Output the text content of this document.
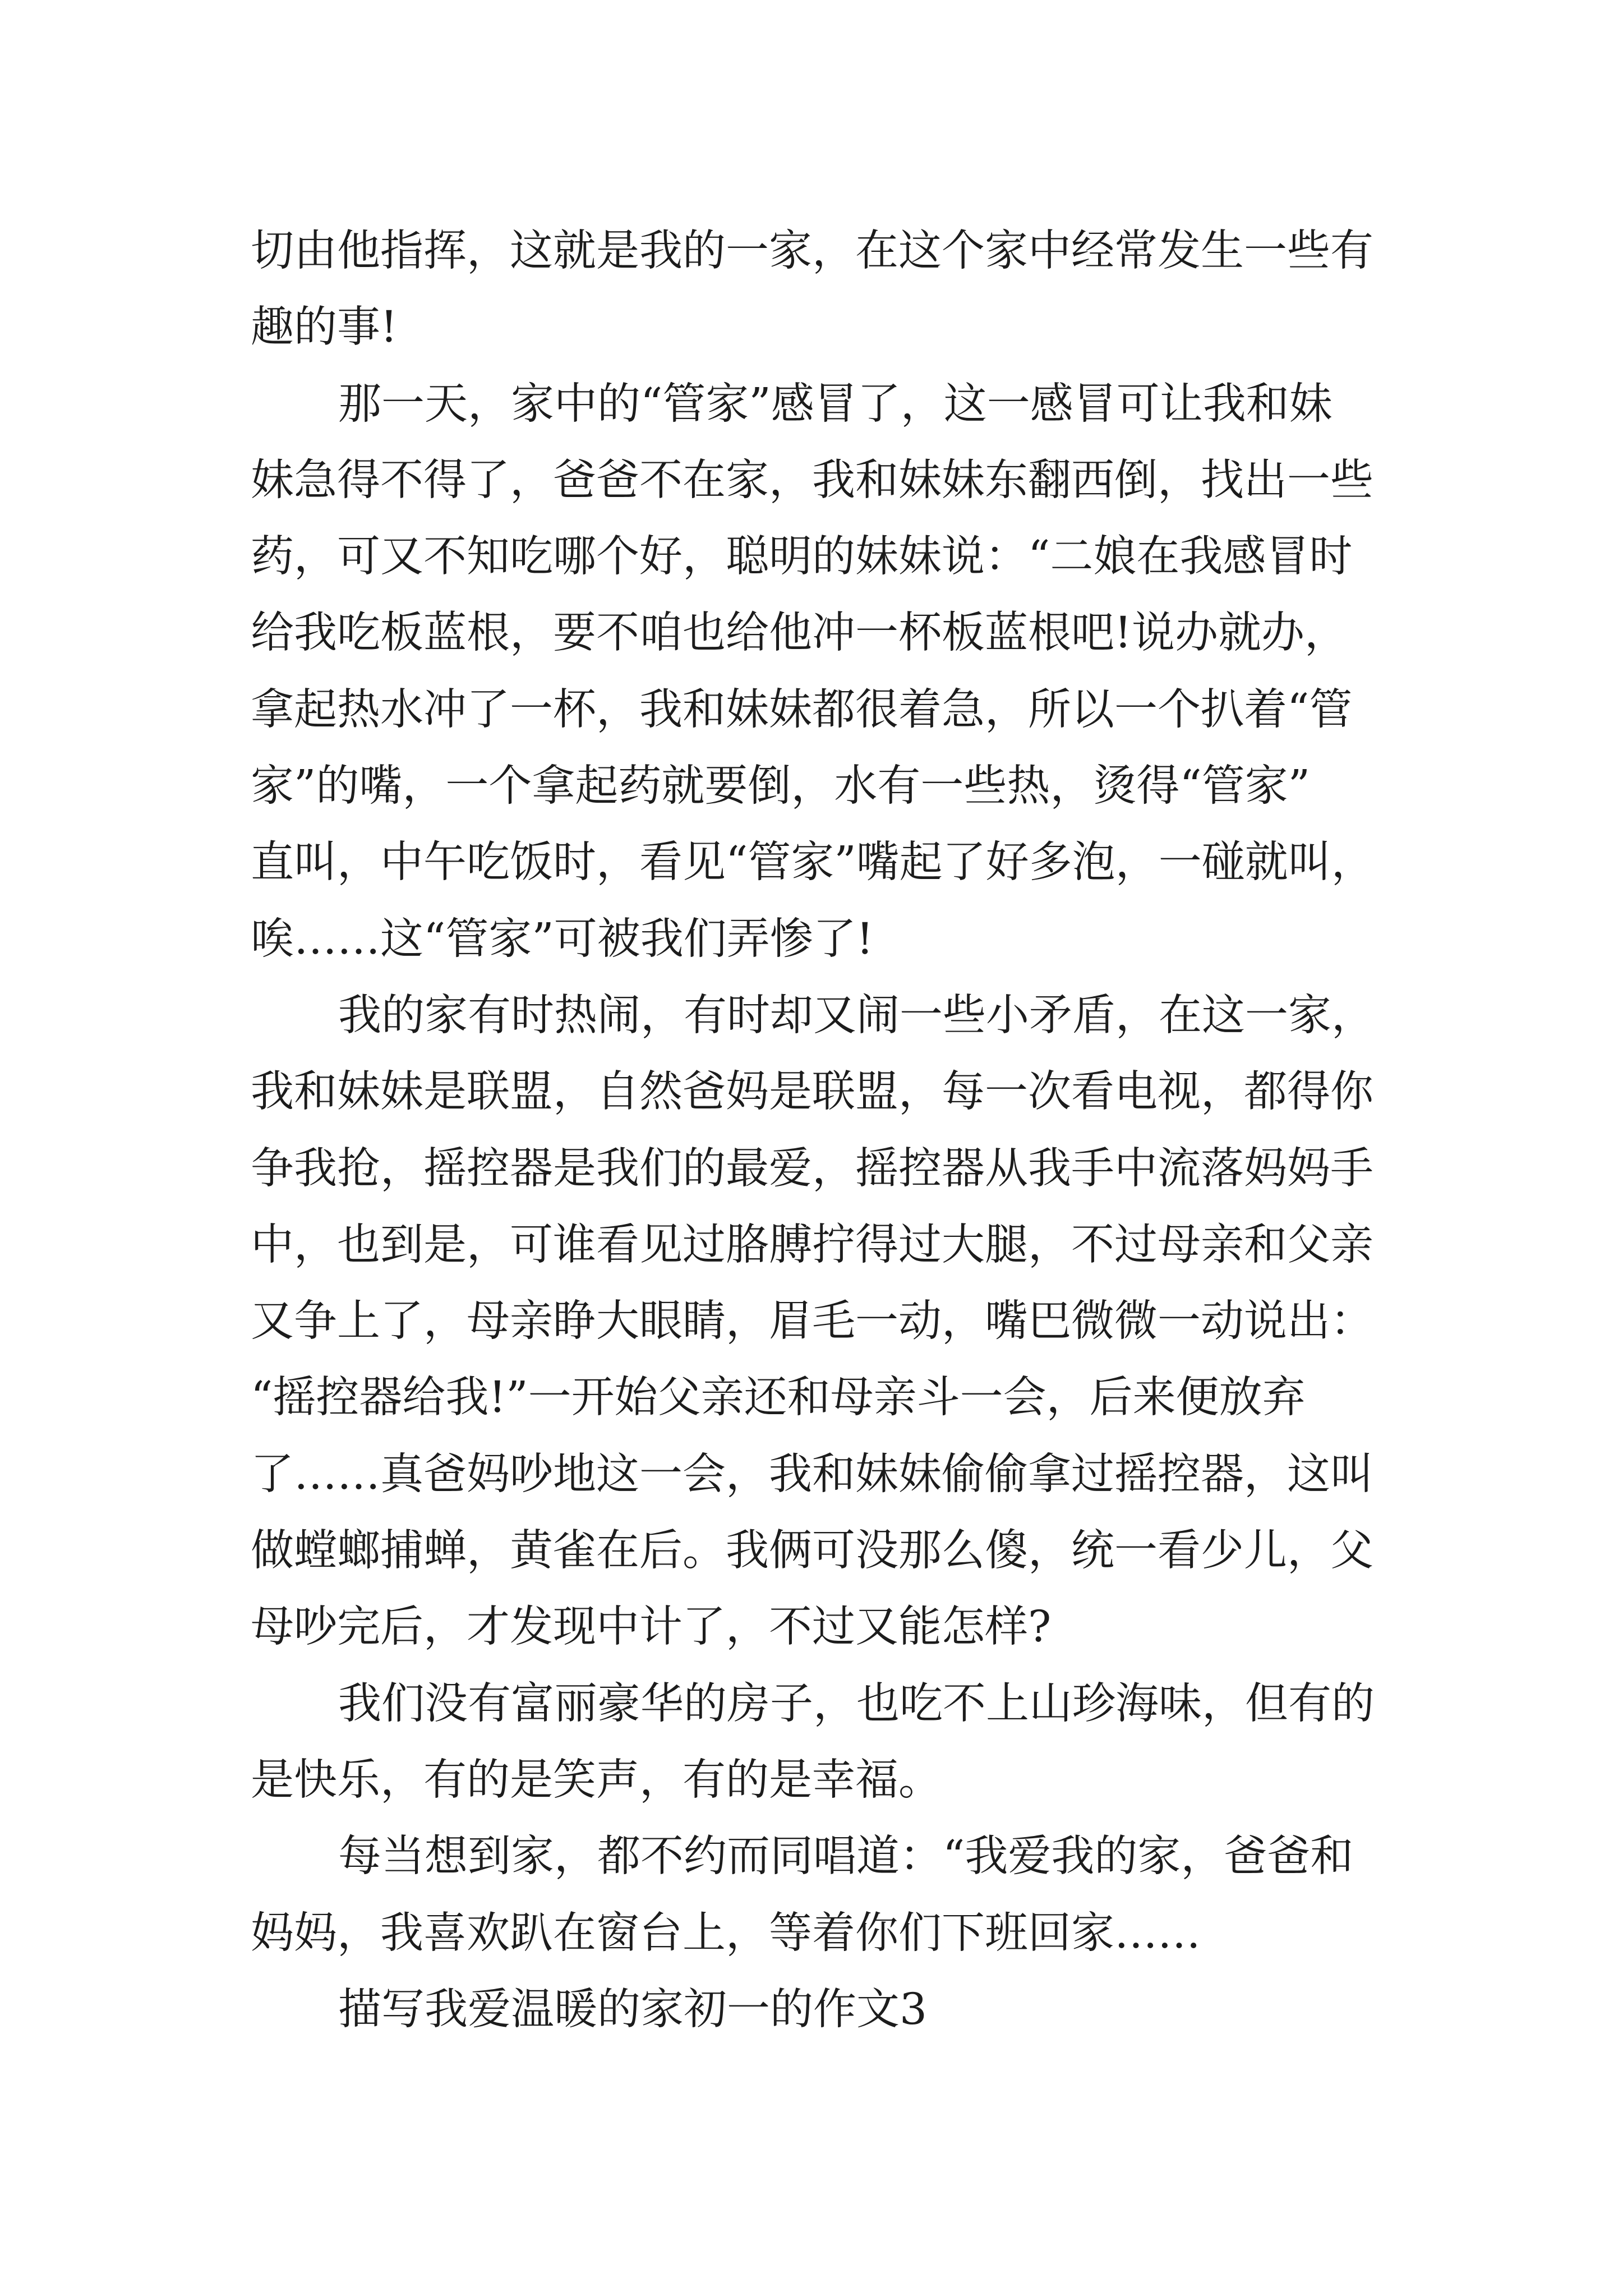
切由他指挥，这就是我的一家，在这个家中经常发生一些有
趣的事!
那一天，家中的“管家”感冒了，这一感冒可让我和妹
妹急得不得了，爸爸不在家，我和妹妹东翻西倒，找出一些
药，可又不知吃哪个好，聪明的妹妹说：“二娘在我感冒时
给我吃板蓝根，要不咱也给他冲一杯板蓝根吧!说办就办，
拿起热水冲了一杯，我和妹妹都很着急，所以一个扒着“管
家”的嘴，一个拿起药就要倒，水有一些热，烫得“管家”
直叫，中午吃饭时，看见“管家”嘴起了好多泡，一碰就叫，
唉……这“管家”可被我们弄惨了!
我的家有时热闹，有时却又闹一些小矛盾，在这一家，
我和妹妹是联盟，自然爸妈是联盟，每一次看电视，都得你
争我抢，摇控器是我们的最爱，摇控器从我手中流落妈妈手
中，也到是，可谁看见过胳膊拧得过大腿，不过母亲和父亲
又争上了，母亲睁大眼睛，眉毛一动，嘴巴微微一动说出：
“摇控器给我!”一开始父亲还和母亲斗一会，后来便放弃
了……真爸妈吵地这一会，我和妹妹偷偷拿过摇控器，这叫
做螳螂捕蝉，黄雀在后。我俩可没那么傻，统一看少儿，父
母吵完后，才发现中计了，不过又能怎样?
我们没有富丽豪华的房子，也吃不上山珍海味，但有的
是快乐，有的是笑声，有的是幸福。
每当想到家，都不约而同唱道：“我爱我的家，爸爸和
妈妈，我喜欢趴在窗台上，等着你们下班回家……
描写我爱温暖的家初一的作文3
